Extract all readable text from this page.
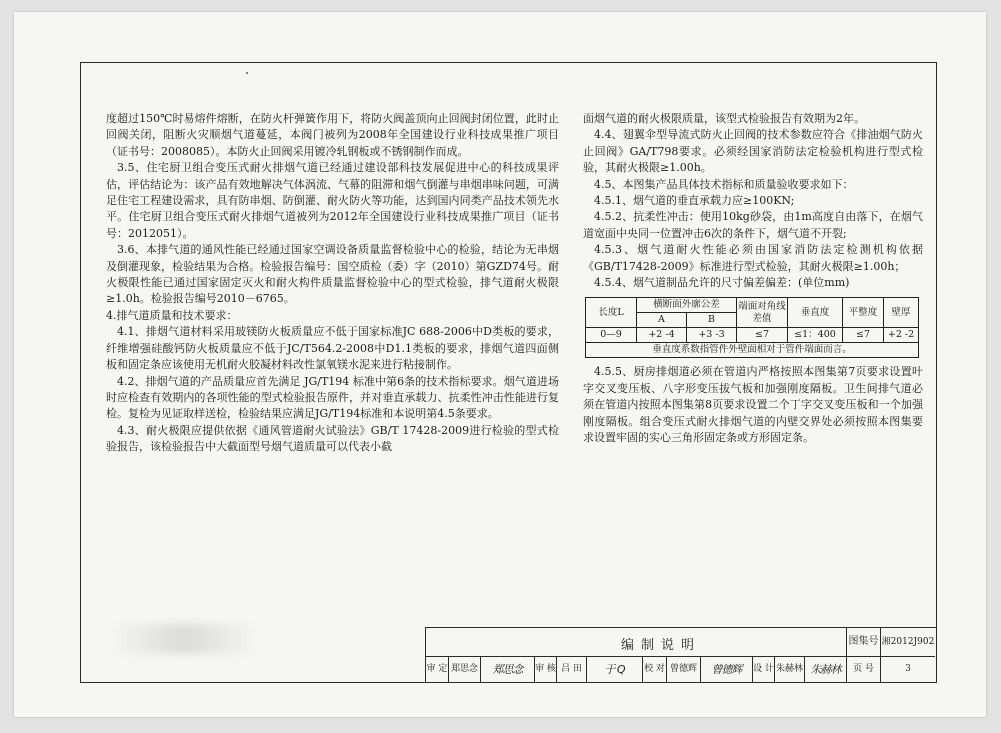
度超过150℃时易熔件熔断，在防火杆弹簧作用下，将防火阀盖顶向止回阀封闭位置，此时止回阀关闭，阻断火灾顺烟气道蔓延，本阀门被列为2008年全国建设行业科技成果推广项目（证书号：2008085）。本防火止回阀采用镀冷轧钢板或不锈钢制作而成。

3.5、住宅厨卫组合变压式耐火排烟气道已经通过建设部科技发展促进中心的科技成果评估，评估结论为：该产品有效地解决气体涡流、气幕的阻滞和烟气倒灌与串烟串味问题，可满足住宅工程建设需求，具有防串烟、防倒灌、耐火防火等功能，达到国内同类产品技术领先水平。住宅厨卫组合变压式耐火排烟气道被列为2012年全国建设行业科技成果推广项目（证书号：2012051）。

3.6、本排气道的通风性能已经通过国家空调设备质量监督检验中心的检验，结论为无串烟及倒灌现象，检验结果为合格。检验报告编号：国空质检（委）字（2010）第GZD74号。耐火极限性能已通过国家固定灭火和耐火构件质量监督检验中心的型式检验，排气道耐火极限≥1.0h。检验报告编号2010－6765。

4.排气道质量和技术要求：

4.1、排烟气道材料采用玻镁防火板质量应不低于国家标准JC 688-2006中D类板的要求，纤维增强硅酸钙防火板质量应不低于JC/T564.2-2008中D1.1类板的要求，排烟气道四面侧板和固定条应该使用无机耐火胶凝材料改性氯氧镁水泥来进行粘接制作。

4.2、排烟气道的产品质量应首先满足 JG/T194 标准中第6条的技术指标要求。烟气道进场时应检查有效期内的各项性能的型式检验报告原件，并对垂直承载力、抗柔性冲击性能进行复检。复检为见证取样送检，检验结果应满足JG/T194标准和本说明第4.5条要求。

4.3、耐火极限应提供依据《通风管道耐火试验法》GB/T 17428-2009进行检验的型式检验报告，该检验报告中大截面型号烟气道质量可以代表小截

面烟气道的耐火极限质量，该型式检验报告有效期为2年。

4.4、翅翼伞型导流式防火止回阀的技术参数应符合《排油烟气防火止回阀》GA/T798要求。必须经国家消防法定检验机构进行型式检验，其耐火极限≥1.00h。

4.5、本图集产品具体技术指标和质量验收要求如下：

4.5.1、烟气道的垂直承载力应≥100KN;

4.5.2、抗柔性冲击：使用10kg砂袋，由1m高度自由落下，在烟气道宽面中央同一位置冲击6次的条件下，烟气道不开裂;

4.5.3、烟气道耐火性能必须由国家消防法定检测机构依据《GB/T17428-2009》标准进行型式检验，其耐火极限≥1.00h；

4.5.4、烟气道制品允许的尺寸偏差偏差：(单位mm)

长度L	横断面外廓公差		端面对角线差值	垂直度	平整度	壁厚
	A	B				
0—9	+2 -4	+3 -3	≤7	≤1：400	≤7	+2 -2
垂直度系数指管件外壁面相对于管件端面而言。						

4.5.5、厨房排烟道必须在管道内严格按照本图集第7页要求设置叶字交叉变压板、八字形变压拔气板和加强刚度隔板。卫生间排气道必须在管道内按照本图集第8页要求设置二个丁字交叉变压板和一个加强刚度隔板。组合变压式耐火排烟气道的内壁交界处必须按照本图集要求设置牢固的实心三角形固定条或方形固定条。

编制说明	图集号 湘2012J902
审 定 郑思念	郑思念	审 核 吕 田	于 Q	校 对 曾德辉	曾德辉	设 计 朱赫林 朱赫林	页 号	3
